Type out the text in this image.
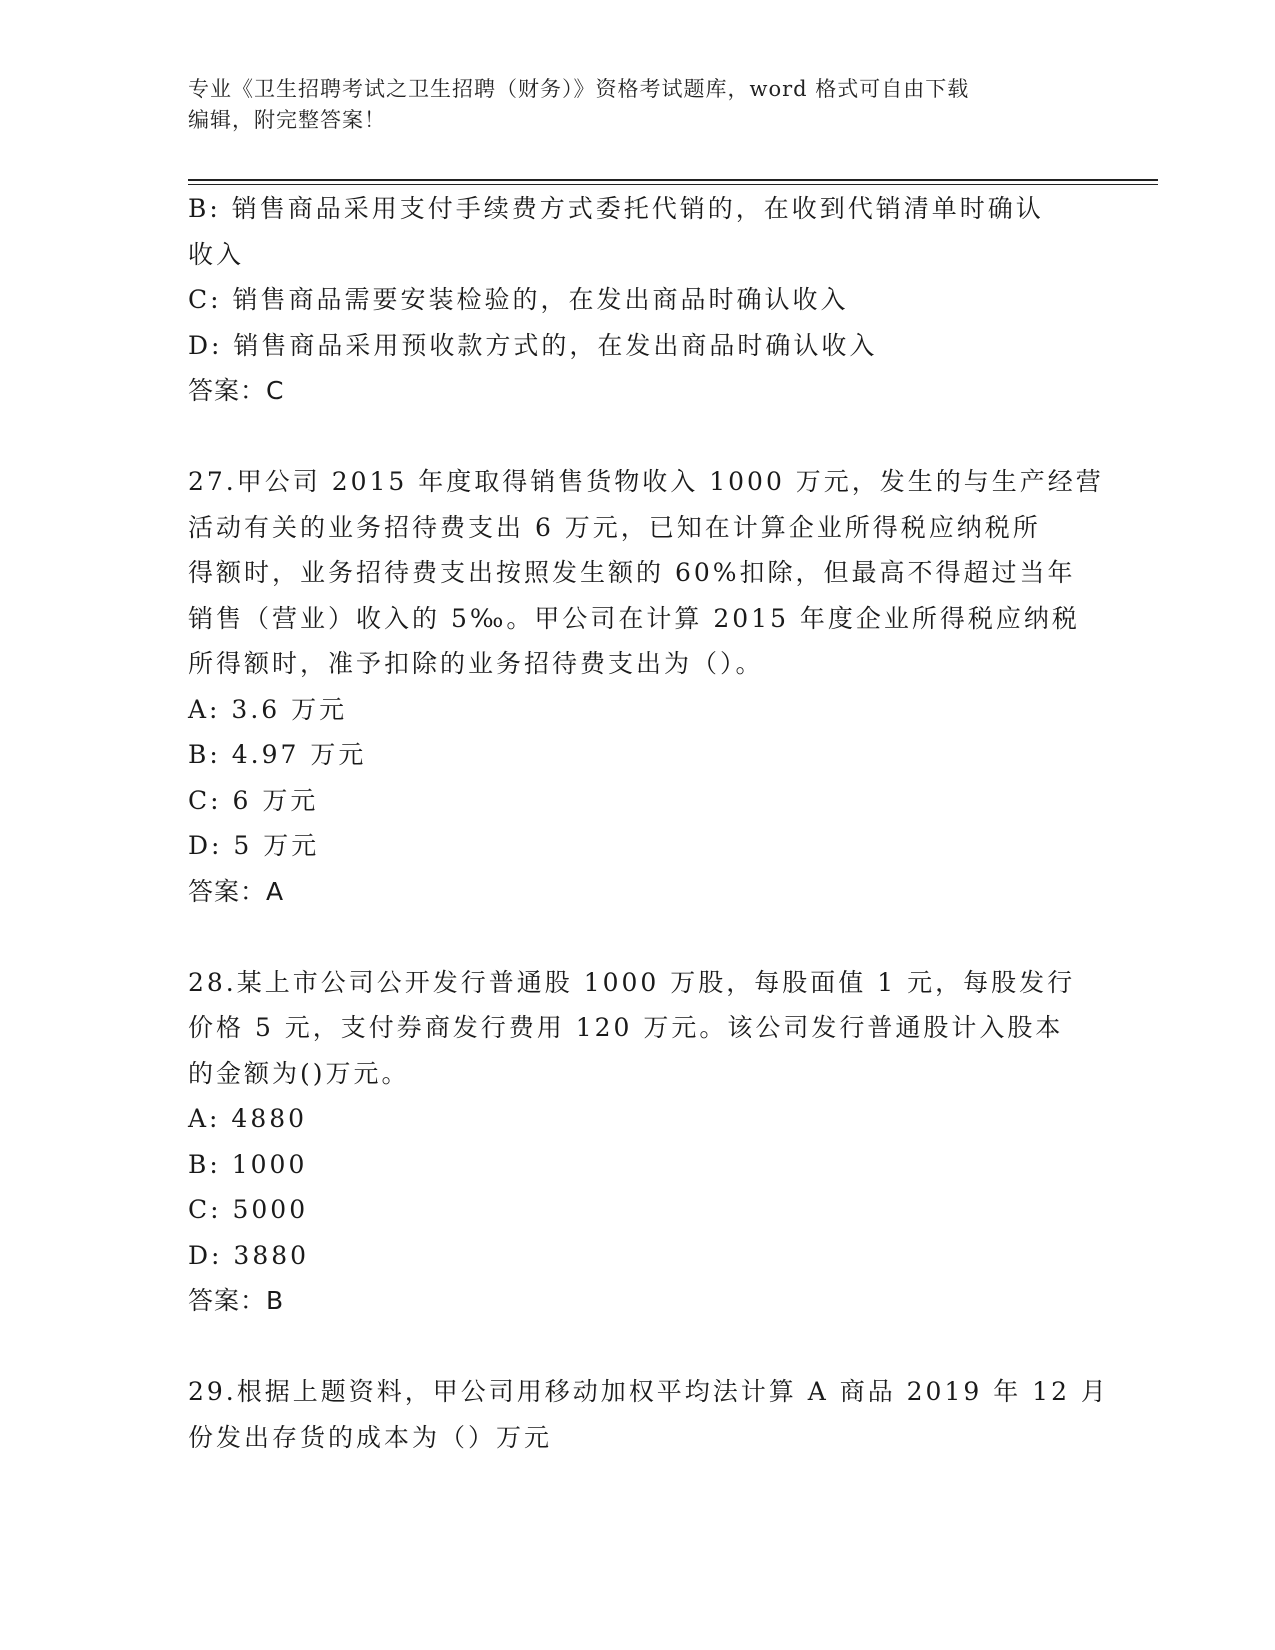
专业《卫生招聘考试之卫生招聘（财务）》资格考试题库，word 格式可自由下载
编辑，附完整答案！
B: 销售商品采用支付手续费方式委托代销的，在收到代销清单时确认
收入
C: 销售商品需要安装检验的，在发出商品时确认收入
D: 销售商品采用预收款方式的，在发出商品时确认收入
答案：C
27.甲公司 2015 年度取得销售货物收入 1000 万元，发生的与生产经营
活动有关的业务招待费支出 6 万元，已知在计算企业所得税应纳税所
得额时，业务招待费支出按照发生额的 60%扣除，但最高不得超过当年
销售（营业）收入的 5‰。甲公司在计算 2015 年度企业所得税应纳税
所得额时，准予扣除的业务招待费支出为（）。
A: 3.6 万元
B: 4.97 万元
C: 6 万元
D: 5 万元
答案：A
28.某上市公司公开发行普通股 1000 万股，每股面值 1 元，每股发行
价格 5 元，支付券商发行费用 120 万元。该公司发行普通股计入股本
的金额为()万元。
A: 4880
B: 1000
C: 5000
D: 3880
答案：B
29.根据上题资料，甲公司用移动加权平均法计算 A 商品 2019 年 12 月
份发出存货的成本为（）万元
